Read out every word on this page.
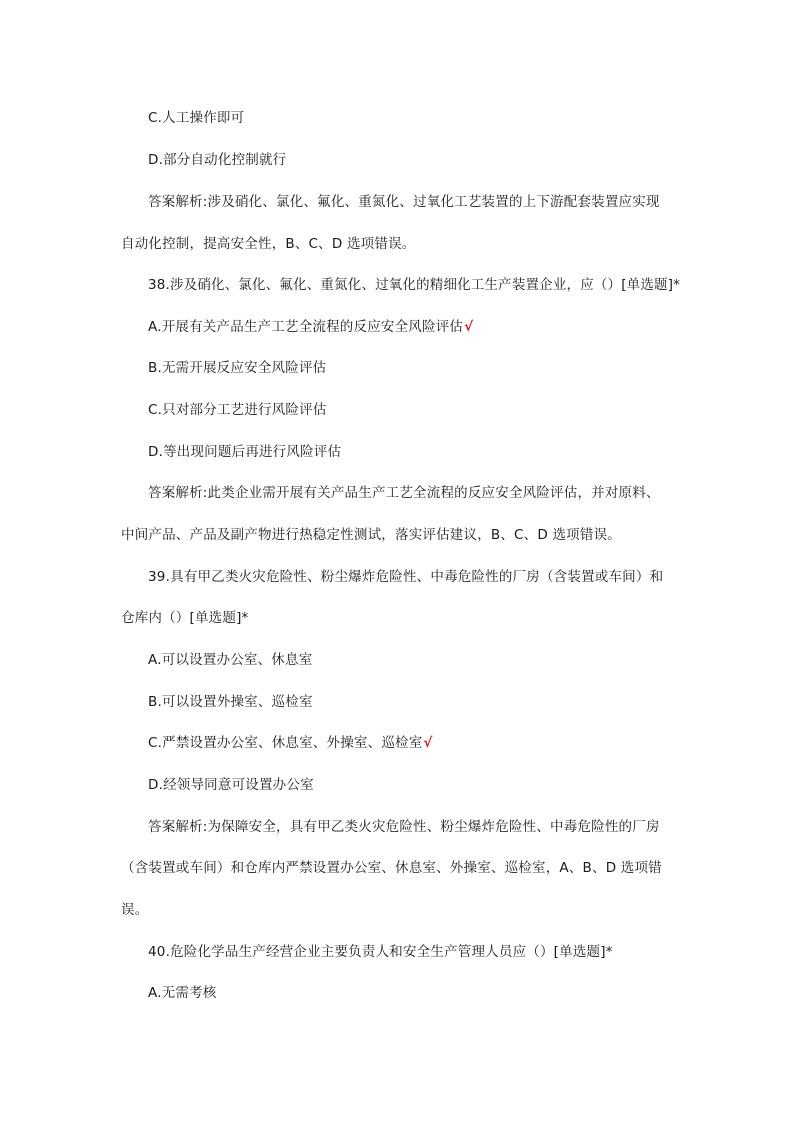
C.人工操作即可
D.部分自动化控制就行
答案解析:涉及硝化、氯化、氟化、重氮化、过氧化工艺装置的上下游配套装置应实现
自动化控制，提高安全性，B、C、D 选项错误。
38.涉及硝化、氯化、氟化、重氮化、过氧化的精细化工生产装置企业，应（）[单选题]*
A.开展有关产品生产工艺全流程的反应安全风险评估√
B.无需开展反应安全风险评估
C.只对部分工艺进行风险评估
D.等出现问题后再进行风险评估
答案解析:此类企业需开展有关产品生产工艺全流程的反应安全风险评估，并对原料、
中间产品、产品及副产物进行热稳定性测试，落实评估建议，B、C、D 选项错误。
39.具有甲乙类火灾危险性、粉尘爆炸危险性、中毒危险性的厂房（含装置或车间）和
仓库内（）[单选题]*
A.可以设置办公室、休息室
B.可以设置外操室、巡检室
C.严禁设置办公室、休息室、外操室、巡检室√
D.经领导同意可设置办公室
答案解析:为保障安全，具有甲乙类火灾危险性、粉尘爆炸危险性、中毒危险性的厂房
（含装置或车间）和仓库内严禁设置办公室、休息室、外操室、巡检室，A、B、D 选项错
误。
40.危险化学品生产经营企业主要负责人和安全生产管理人员应（）[单选题]*
A.无需考核
